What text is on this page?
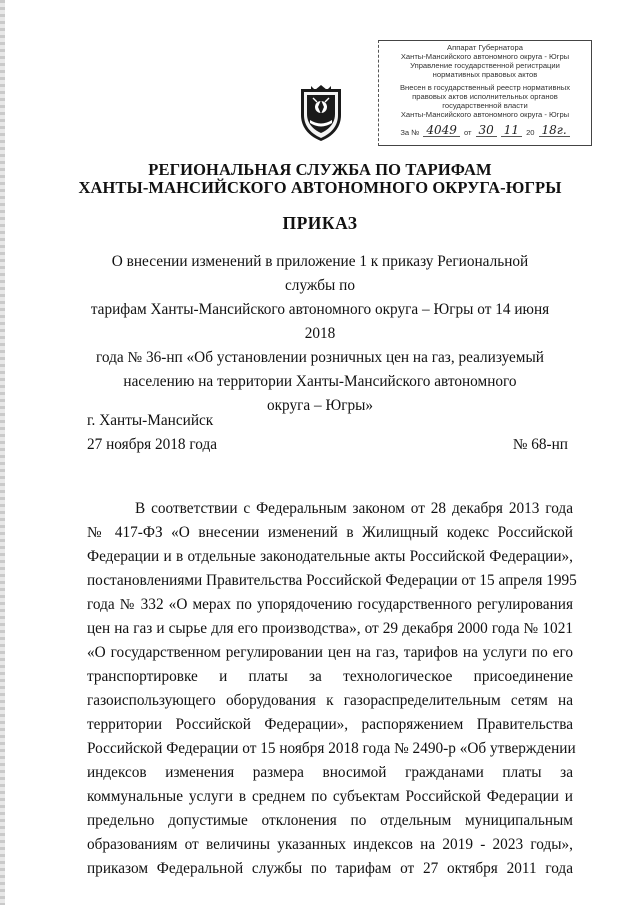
Аппарат Губернатора
Ханты-Мансийского автономного округа - Югры
Управление государственной регистрации
нормативных правовых актов
Внесен в государственный реестр нормативных
правовых актов исполнительных органов
государственной власти
Ханты-Мансийского автономного округа - Югры
За № 4049 от 30 11 20 18г.
РЕГИОНАЛЬНАЯ СЛУЖБА ПО ТАРИФАМ
ХАНТЫ-МАНСИЙСКОГО АВТОНОМНОГО ОКРУГА-ЮГРЫ
ПРИКАЗ
О внесении изменений в приложение 1 к приказу Региональной службы по
тарифам Ханты-Мансийского автономного округа – Югры от 14 июня 2018
года № 36-нп «Об установлении розничных цен на газ, реализуемый
населению на территории Ханты-Мансийского автономного
округа – Югры»
г. Ханты-Мансийск
27 ноября 2018 года	№ 68-нп
В соответствии с Федеральным законом от 28 декабря 2013 года
№ 417-ФЗ «О внесении изменений в Жилищный кодекс Российской
Федерации и в отдельные законодательные акты Российской Федерации»,
постановлениями Правительства Российской Федерации от 15 апреля 1995
года № 332 «О мерах по упорядочению государственного регулирования
цен на газ и сырье для его производства», от 29 декабря 2000 года № 1021
«О государственном регулировании цен на газ, тарифов на услуги по его
транспортировке и платы за технологическое присоединение
газоиспользующего оборудования к газораспределительным сетям на
территории Российской Федерации», распоряжением Правительства
Российской Федерации от 15 ноября 2018 года № 2490-р «Об утверждении
индексов изменения размера вносимой гражданами платы за
коммунальные услуги в среднем по субъектам Российской Федерации и
предельно допустимые отклонения по отдельным муниципальным
образованиям от величины указанных индексов на 2019 - 2023 годы»,
приказом Федеральной службы по тарифам от 27 октября 2011 года
